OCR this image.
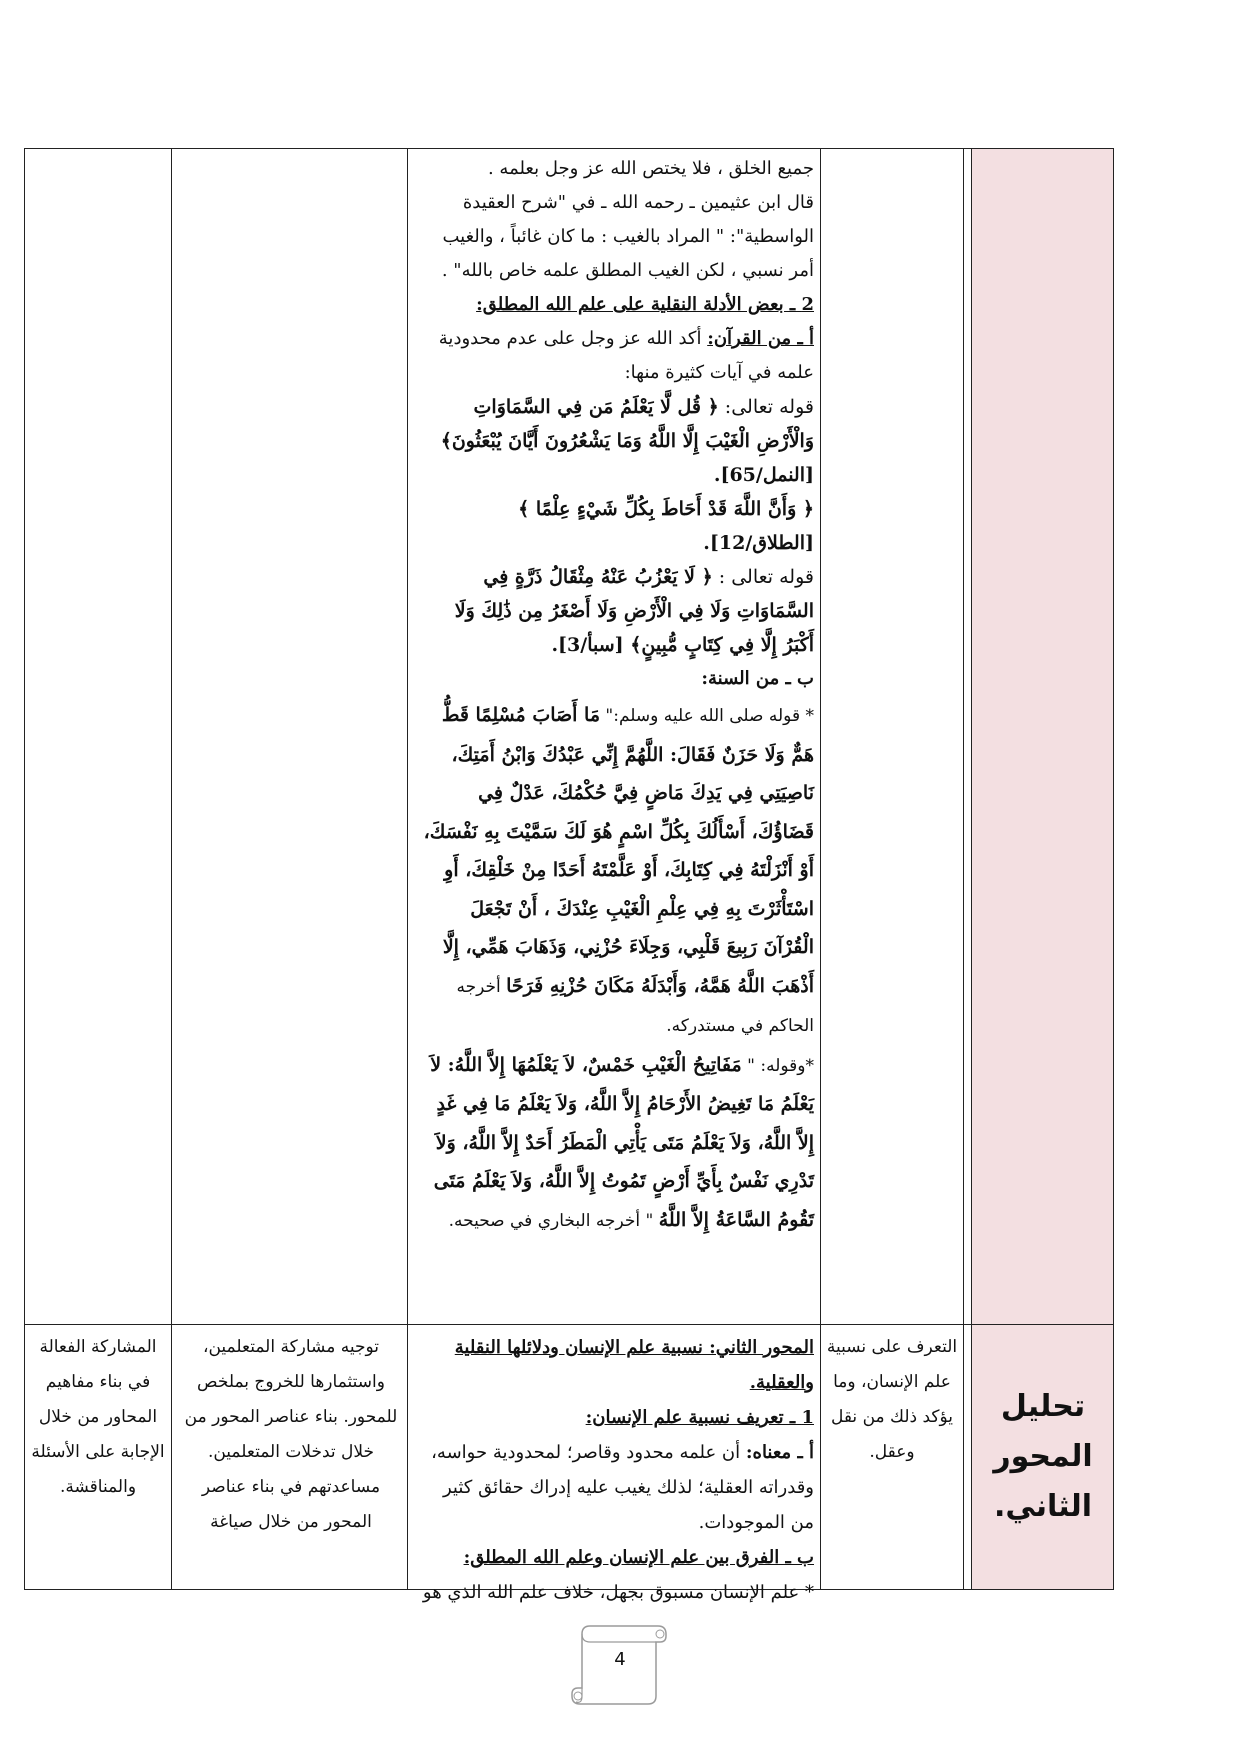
جميع الخلق ، فلا يختص الله عز وجل بعلمه .

قال ابن عثيمين ـ رحمه الله ـ في "شرح العقيدة

الواسطية": " المراد بالغيب : ما كان غائباً ، والغيب

أمر نسبي ، لكن الغيب المطلق علمه خاص بالله" .

2 ـ بعض الأدلة النقلية على علم الله المطلق:

أ ـ من القرآن: أكد الله عز وجل على عدم محدودية علمه في آيات كثيرة منها:

قوله تعالى: ﴿ قُل لَّا يَعْلَمُ مَن فِي السَّمَاوَاتِ وَالْأَرْضِ الْغَيْبَ إِلَّا اللَّهُ وَمَا يَشْعُرُونَ أَيَّانَ يُبْعَثُونَ﴾ [النمل/65].

﴿ وَأَنَّ اللَّهَ قَدْ أَحَاطَ بِكُلِّ شَيْءٍ عِلْمًا ﴾ [الطلاق/12].

قوله تعالى : ﴿ لَا يَعْزُبُ عَنْهُ مِثْقَالُ ذَرَّةٍ فِي السَّمَاوَاتِ وَلَا فِي الْأَرْضِ وَلَا أَصْغَرُ مِن ذَٰلِكَ وَلَا أَكْبَرُ إِلَّا فِي كِتَابٍ مُّبِينٍ﴾ [سبأ/3].

ب ـ من السنة:

* قوله صلى الله عليه وسلم:" مَا أَصَابَ مُسْلِمًا قَطُّ هَمٌّ وَلَا حَزَنٌ فَقَالَ: اللَّهُمَّ إِنِّي عَبْدُكَ وَابْنُ أَمَتِكَ، نَاصِيَتِي فِي يَدِكَ مَاضٍ فِيَّ حُكْمُكَ، عَدْلٌ فِي قَضَاؤُكَ، أَسْأَلُكَ بِكُلِّ اسْمٍ هُوَ لَكَ سَمَّيْتَ بِهِ نَفْسَكَ، أَوْ أَنْزَلْتَهُ فِي كِتَابِكَ، أَوْ عَلَّمْتَهُ أَحَدًا مِنْ خَلْقِكَ، أَوِ اسْتَأْثَرْتَ بِهِ فِي عِلْمِ الْغَيْبِ عِنْدَكَ ، أَنْ تَجْعَلَ الْقُرْآنَ رَبِيعَ قَلْبِي، وَجِلَاءَ حُزْنِي، وَذَهَابَ هَمِّي، إِلَّا أَذْهَبَ اللَّهُ هَمَّهُ، وَأَبْدَلَهُ مَكَانَ حُزْنِهِ فَرَحًا أخرجه الحاكم في مستدركه.

*وقوله: " مَفَاتِيحُ الْغَيْبِ خَمْسٌ، لاَ يَعْلَمُهَا إِلاَّ اللَّهُ: لاَ يَعْلَمُ مَا تَغِيضُ الأَرْحَامُ إِلاَّ اللَّهُ، وَلاَ يَعْلَمُ مَا فِي غَدٍ إِلاَّ اللَّهُ، وَلاَ يَعْلَمُ مَتَى يَأْتِي الْمَطَرُ أَحَدٌ إِلاَّ اللَّهُ، وَلاَ تَدْرِي نَفْسٌ بِأَيِّ أَرْضٍ تَمُوتُ إِلاَّ اللَّهُ، وَلاَ يَعْلَمُ مَتَى تَقُومُ السَّاعَةُ إِلاَّ اللَّهُ " أخرجه البخاري في صحيحه.

تحليل المحور الثاني.
التعرف على نسبية علم الإنسان، وما يؤكد ذلك من نقل وعقل.

المحور الثاني: نسبية علم الإنسان ودلائلها النقلية والعقلية.

1 ـ تعريف نسبية علم الإنسان:

أ ـ معناه: أن علمه محدود وقاصر؛ لمحدودية حواسه، وقدراته العقلية؛ لذلك يغيب عليه إدراك حقائق كثير من الموجودات.

ب ـ الفرق بين علم الإنسان وعلم الله المطلق:

* علم الإنسان مسبوق بجهل، خلاف علم الله الذي هو

توجيه مشاركة المتعلمين، واستثمارها للخروج بملخص للمحور. بناء عناصر المحور من خلال تدخلات المتعلمين. مساعدتهم في بناء عناصر المحور من خلال صياغة
المشاركة الفعالة في بناء مفاهيم المحاور من خلال الإجابة على الأسئلة والمناقشة.
4
